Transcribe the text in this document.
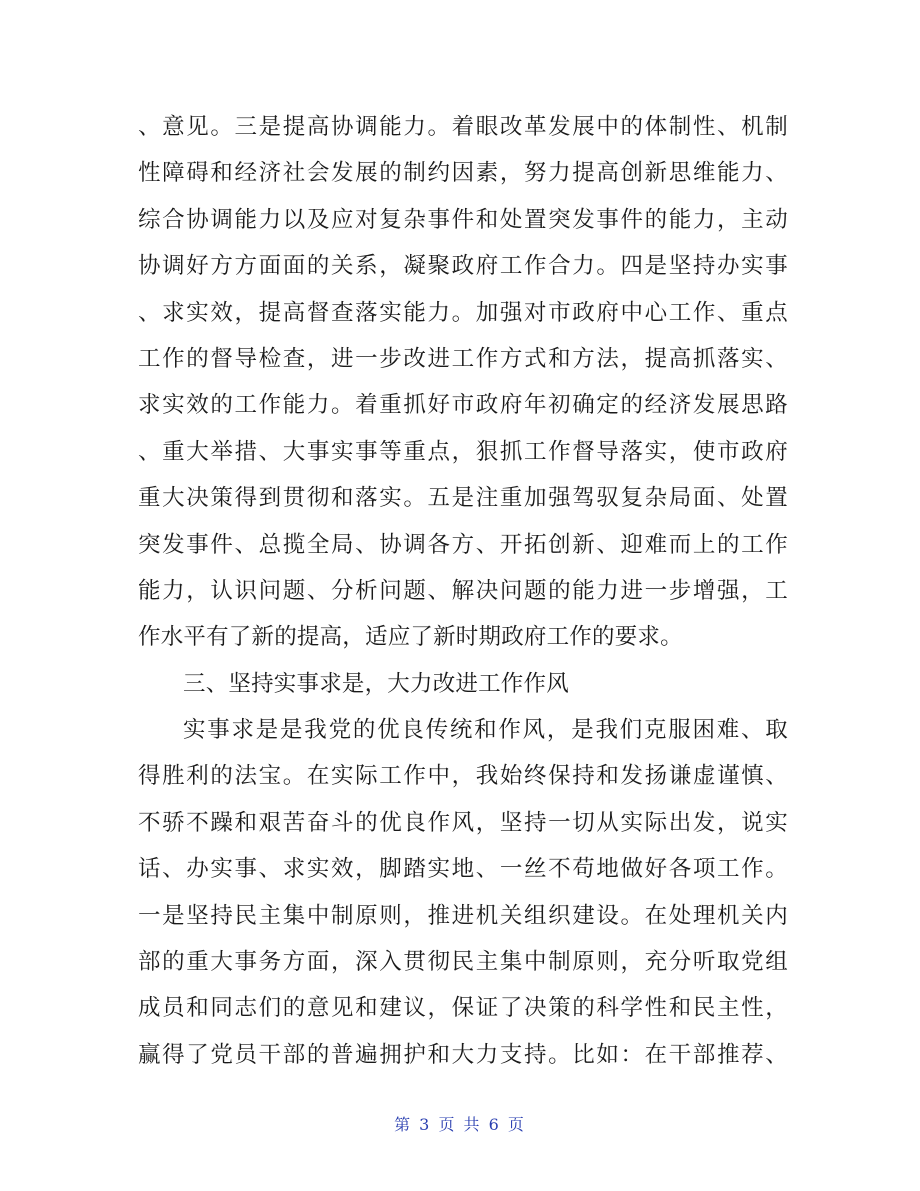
、意见。三是提高协调能力。着眼改革发展中的体制性、机制
性障碍和经济社会发展的制约因素，努力提高创新思维能力、
综合协调能力以及应对复杂事件和处置突发事件的能力，主动
协调好方方面面的关系，凝聚政府工作合力。四是坚持办实事
、求实效，提高督查落实能力。加强对市政府中心工作、重点
工作的督导检查，进一步改进工作方式和方法，提高抓落实、
求实效的工作能力。着重抓好市政府年初确定的经济发展思路
、重大举措、大事实事等重点，狠抓工作督导落实，使市政府
重大决策得到贯彻和落实。五是注重加强驾驭复杂局面、处置
突发事件、总揽全局、协调各方、开拓创新、迎难而上的工作
能力，认识问题、分析问题、解决问题的能力进一步增强，工
作水平有了新的提高，适应了新时期政府工作的要求。
三、坚持实事求是，大力改进工作作风
实事求是是我党的优良传统和作风，是我们克服困难、取
得胜利的法宝。在实际工作中，我始终保持和发扬谦虚谨慎、
不骄不躁和艰苦奋斗的优良作风，坚持一切从实际出发，说实
话、办实事、求实效，脚踏实地、一丝不苟地做好各项工作。
一是坚持民主集中制原则，推进机关组织建设。在处理机关内
部的重大事务方面，深入贯彻民主集中制原则，充分听取党组
成员和同志们的意见和建议，保证了决策的科学性和民主性，
赢得了党员干部的普遍拥护和大力支持。比如：在干部推荐、
第 3 页 共 6 页
